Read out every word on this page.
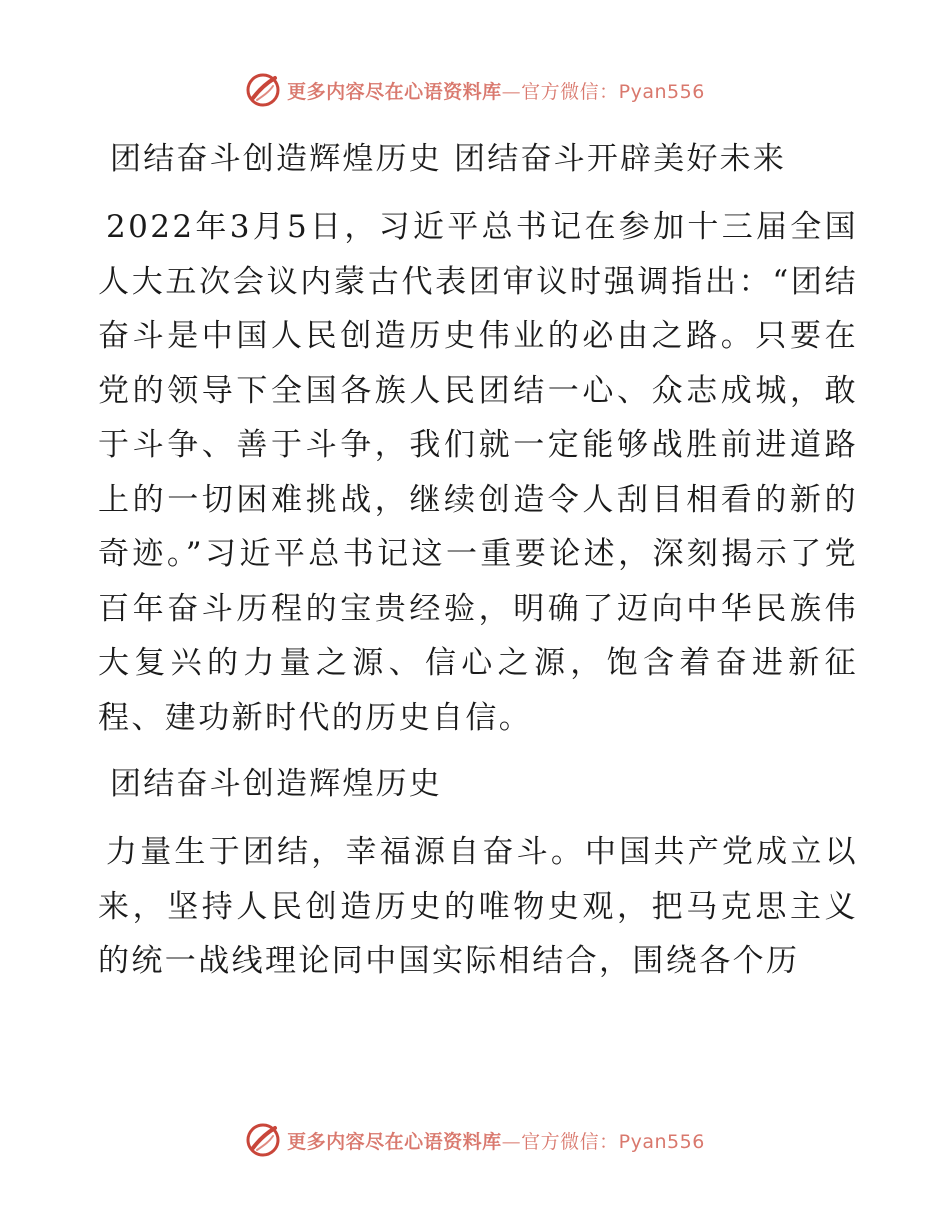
更多内容尽在心语资料库—官方微信：Pyan556
团结奋斗创造辉煌历史 团结奋斗开辟美好未来

2022年3月5日，习近平总书记在参加十三届全国人大五次会议内蒙古代表团审议时强调指出：“团结奋斗是中国人民创造历史伟业的必由之路。只要在党的领导下全国各族人民团结一心、众志成城，敢于斗争、善于斗争，我们就一定能够战胜前进道路上的一切困难挑战，继续创造令人刮目相看的新的奇迹。”习近平总书记这一重要论述，深刻揭示了党百年奋斗历程的宝贵经验，明确了迈向中华民族伟大复兴的力量之源、信心之源，饱含着奋进新征程、建功新时代的历史自信。

团结奋斗创造辉煌历史

力量生于团结，幸福源自奋斗。中国共产党成立以来，坚持人民创造历史的唯物史观，把马克思主义的统一战线理论同中国实际相结合，围绕各个历

更多内容尽在心语资料库—官方微信：Pyan556
